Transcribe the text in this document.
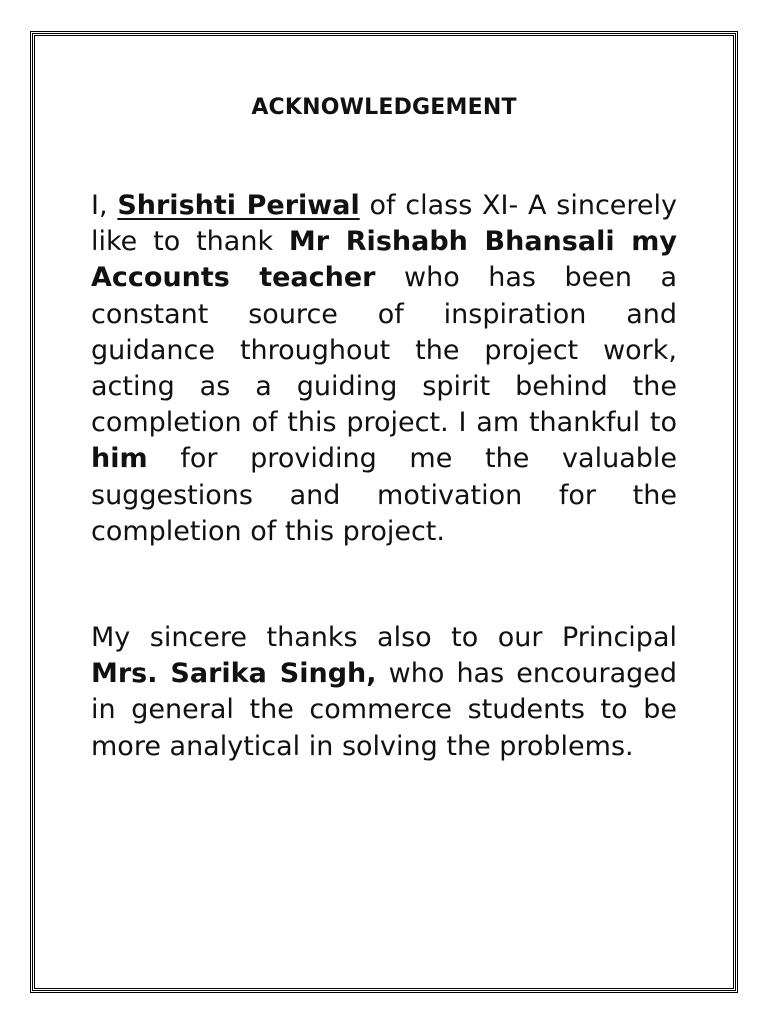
ACKNOWLEDGEMENT

I, Shrishti Periwal of class XI- A sincerely like to thank Mr Rishabh Bhansali my Accounts teacher who has been a constant source of inspiration and guidance throughout the project work, acting as a guiding spirit behind the completion of this project. I am thankful to him for providing me the valuable suggestions and motivation for the completion of this project.

My sincere thanks also to our Principal Mrs. Sarika Singh, who has encouraged in general the commerce students to be more analytical in solving the problems.
